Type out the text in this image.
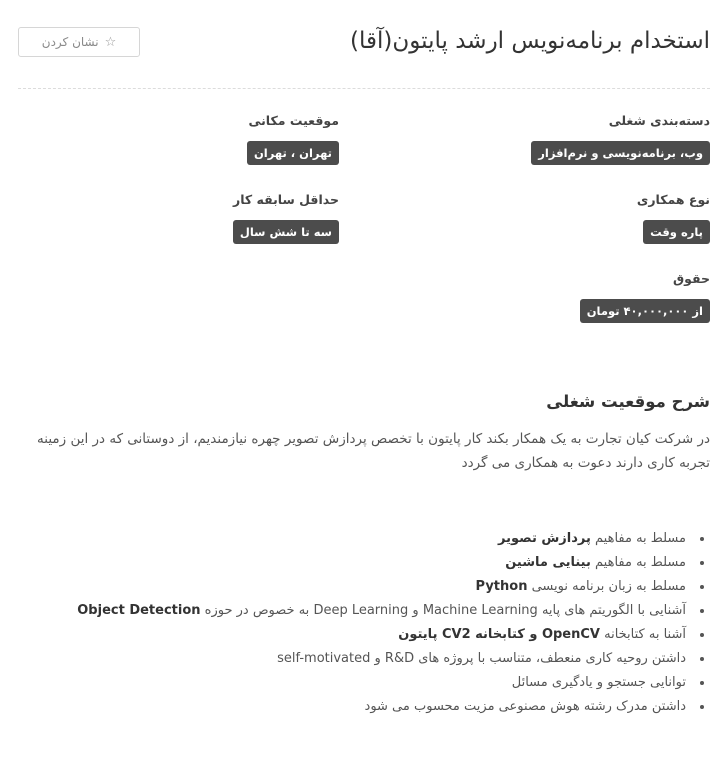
استخدام برنامه‌نویس ارشد پایتون(آقا)
☆
نشان کردن
دسته‌بندی شغلی
وب، برنامه‌نویسی و نرم‌افزار
نوع همکاری
پاره وقت
حقوق
از ۴۰,۰۰۰,۰۰۰ تومان
موقعیت مکانی
تهران ، تهران
حداقل سابقه کار
سه تا شش سال
شرح موقعیت شغلی

در شرکت کیان تجارت به یک همکار بکند کار پایتون با تخصص پردازش تصویر چهره نیازمندیم، از دوستانی که در این زمینه تجربه کاری دارند دعوت به همکاری می گردد

• مسلط به مفاهیم پردازش تصویر
• مسلط به مفاهیم بینایی ماشین
• مسلط به زبان برنامه نویسی Python
• آشنایی با الگوریتم های پایه Machine Learning و Deep Learning به خصوص در حوزه Object Detection
• آشنا به کتابخانه OpenCV و کتابخانه CV2 پایتون
• داشتن روحیه کاری منعطف، متناسب با پروژه های R&D و self-motivated
• توانایی جستجو و یادگیری مسائل
• داشتن مدرک رشته هوش مصنوعی مزیت محسوب می شود
